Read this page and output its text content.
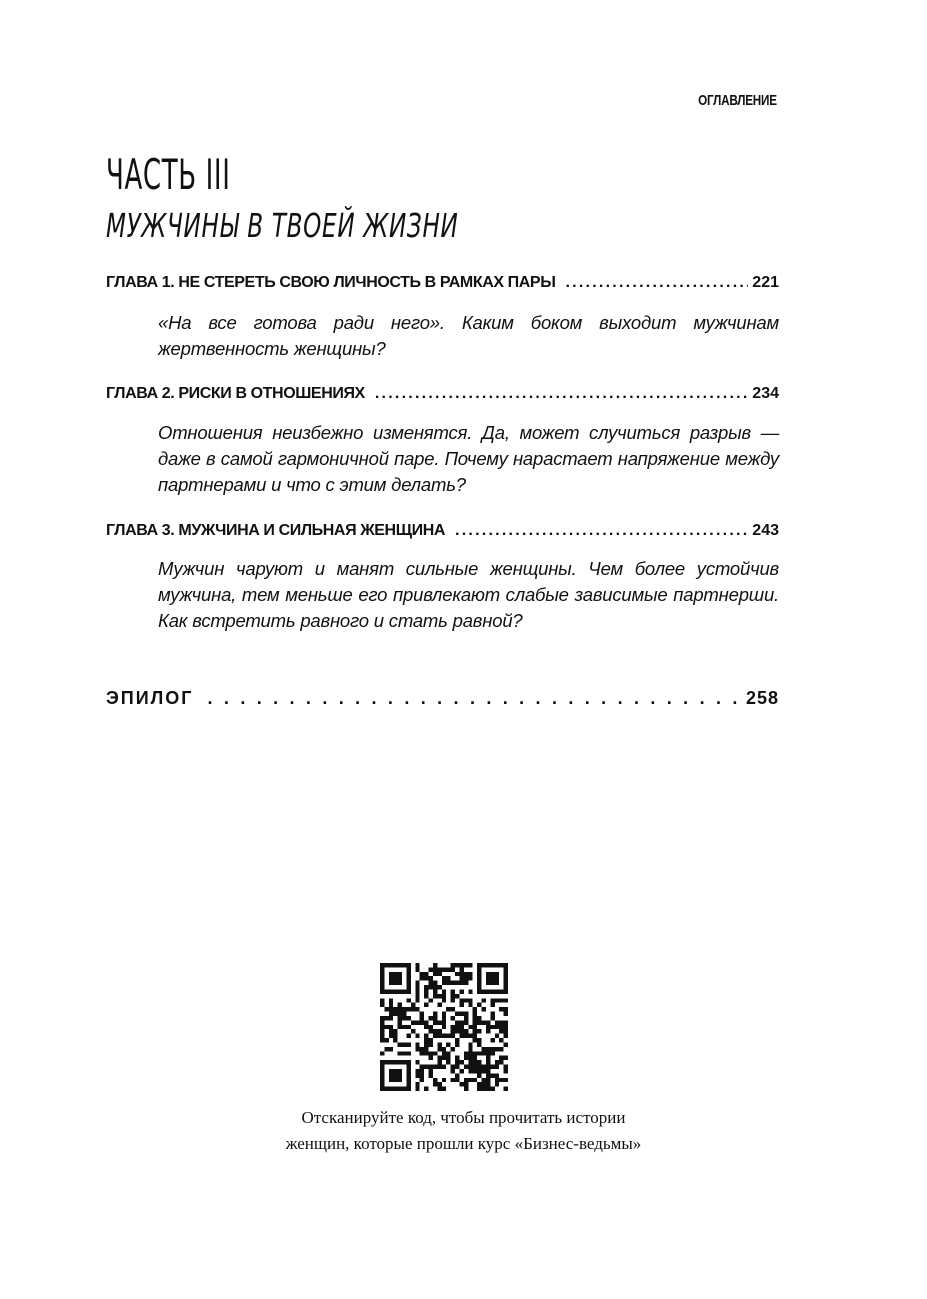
ОГЛАВЛЕНИЕ
ЧАСТЬ III
МУЖЧИНЫ В ТВОЕЙ ЖИЗНИ
ГЛАВА 1. НЕ СТЕРЕТЬ СВОЮ ЛИЧНОСТЬ В РАМКАХ ПАРЫ . . .	221
«На все готова ради него». Каким боком выходит мужчинам жертвенность женщины?
ГЛАВА 2. РИСКИ В ОТНОШЕНИЯХ . . .	234
Отношения неизбежно изменятся. Да, может случиться разрыв — даже в самой гармоничной паре. Почему нарастает напряжение между партнерами и что с этим делать?
ГЛАВА 3. МУЖЧИНА И СИЛЬНАЯ ЖЕНЩИНА . . .	243
Мужчин чаруют и манят сильные женщины. Чем более устойчив мужчина, тем меньше его привлекают слабые зависимые партнерши. Как встретить равного и стать равной?
ЭПИЛОГ . . .	258
Отсканируйте код, чтобы прочитать истории
женщин, которые прошли курс «Бизнес-ведьмы»
